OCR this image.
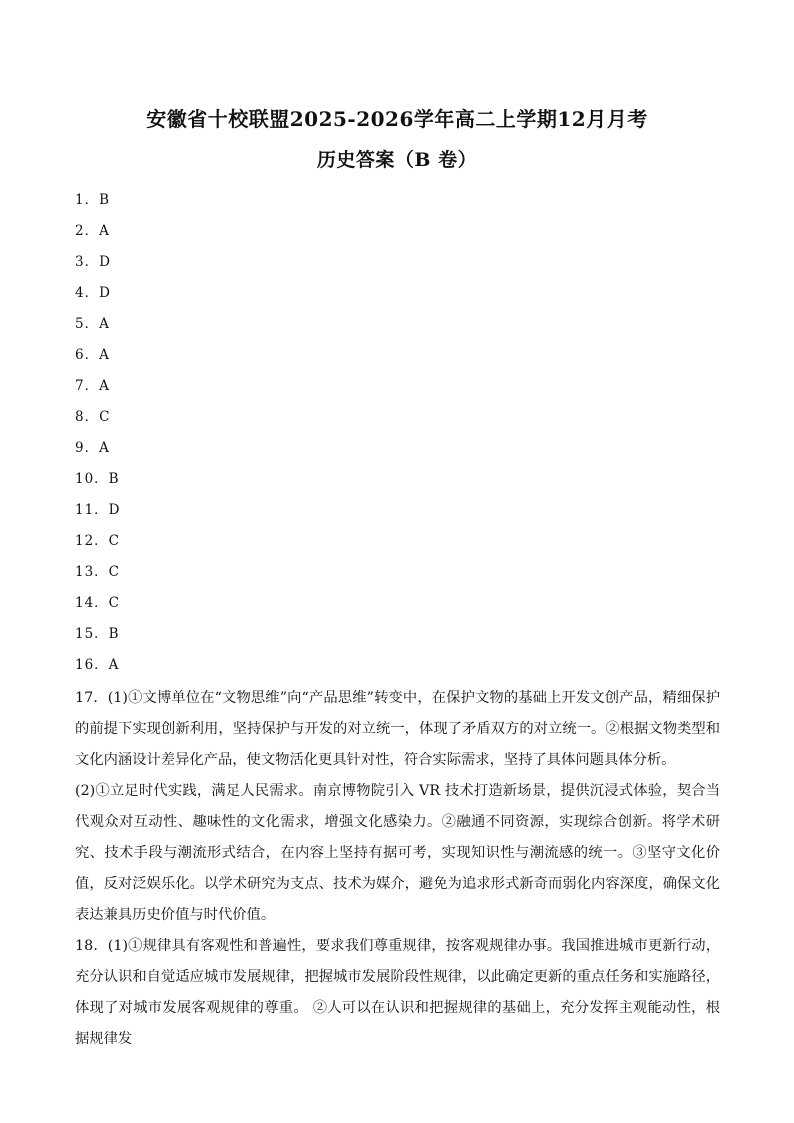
安徽省十校联盟2025-2026学年高二上学期12月月考
历史答案（B 卷）
1．B
2．A
3．D
4．D
5．A
6．A
7．A
8．C
9．A
10．B
11．D
12．C
13．C
14．C
15．B
16．A
17．(1)①文博单位在“文物思维”向“产品思维”转变中，在保护文物的基础上开发文创产品，精细保护的前提下实现创新利用，坚持保护与开发的对立统一，体现了矛盾双方的对立统一。②根据文物类型和文化内涵设计差异化产品，使文物活化更具针对性，符合实际需求，坚持了具体问题具体分析。
(2)①立足时代实践，满足人民需求。南京博物院引入 VR 技术打造新场景，提供沉浸式体验，契合当代观众对互动性、趣味性的文化需求，增强文化感染力。②融通不同资源，实现综合创新。将学术研究、技术手段与潮流形式结合，在内容上坚持有据可考，实现知识性与潮流感的统一。③坚守文化价值，反对泛娱乐化。以学术研究为支点、技术为媒介，避免为追求形式新奇而弱化内容深度，确保文化表达兼具历史价值与时代价值。
18．(1)①规律具有客观性和普遍性，要求我们尊重规律，按客观规律办事。我国推进城市更新行动，充分认识和自觉适应城市发展规律，把握城市发展阶段性规律，以此确定更新的重点任务和实施路径，体现了对城市发展客观规律的尊重。 ②人可以在认识和把握规律的基础上，充分发挥主观能动性，根据规律发
